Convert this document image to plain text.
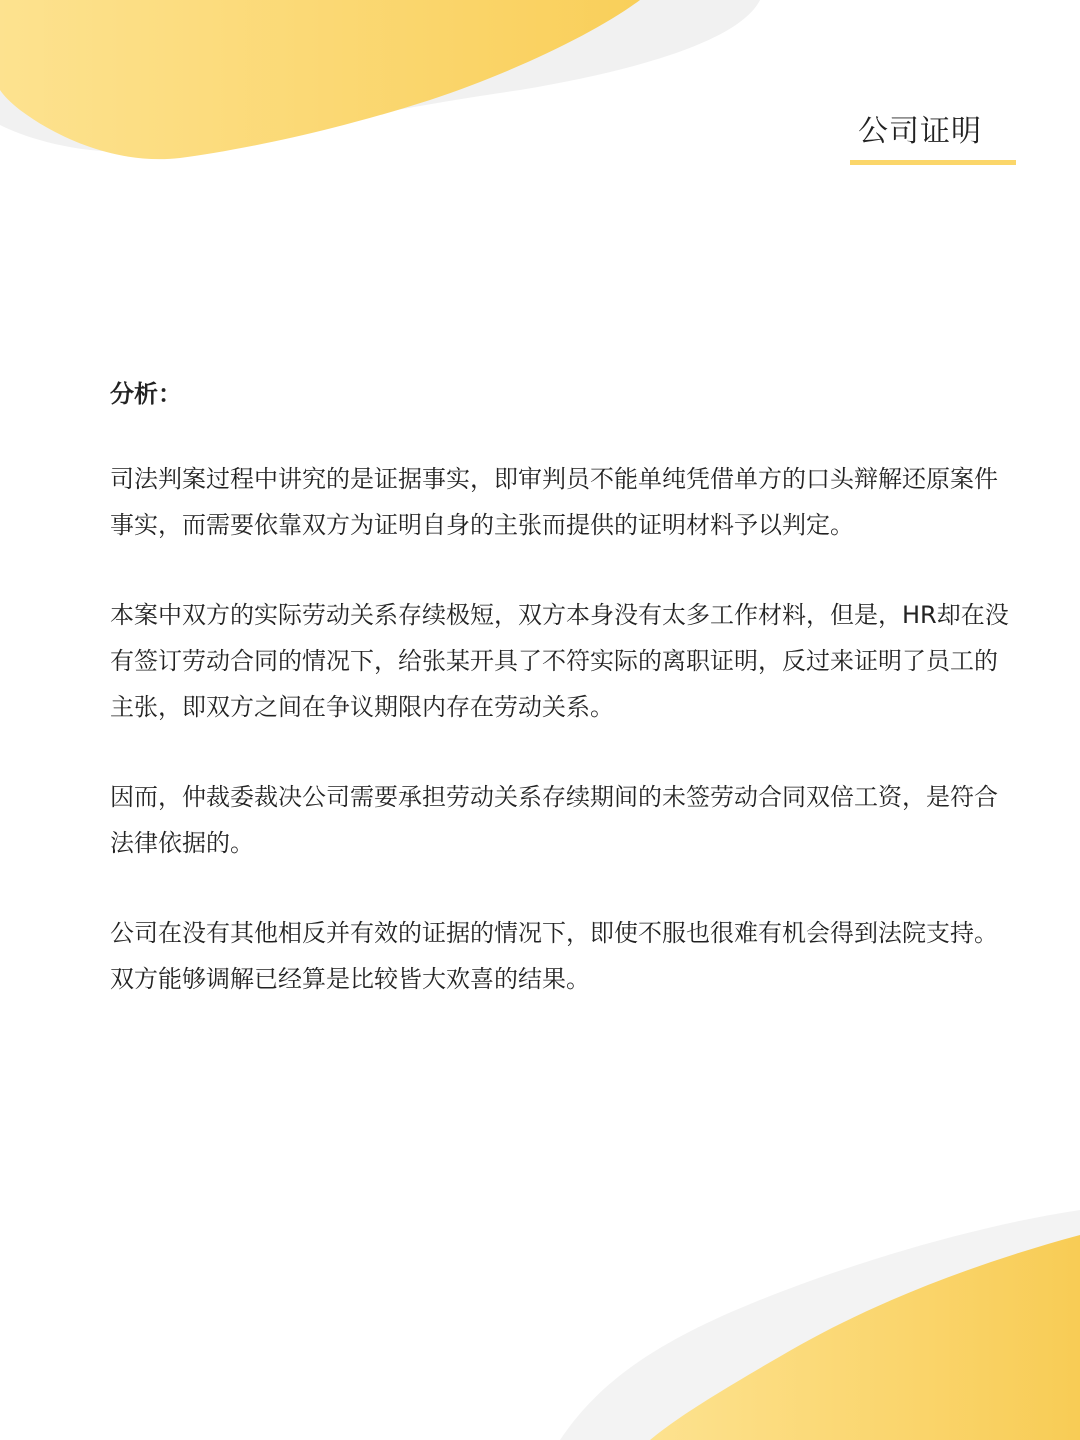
公司证明
分析：

司法判案过程中讲究的是证据事实，即审判员不能单纯凭借单方的口头辩解还原案件事实，而需要依靠双方为证明自身的主张而提供的证明材料予以判定。

本案中双方的实际劳动关系存续极短，双方本身没有太多工作材料，但是，HR却在没有签订劳动合同的情况下，给张某开具了不符实际的离职证明，反过来证明了员工的主张，即双方之间在争议期限内存在劳动关系。

因而，仲裁委裁决公司需要承担劳动关系存续期间的未签劳动合同双倍工资，是符合法律依据的。

公司在没有其他相反并有效的证据的情况下，即使不服也很难有机会得到法院支持。双方能够调解已经算是比较皆大欢喜的结果。
